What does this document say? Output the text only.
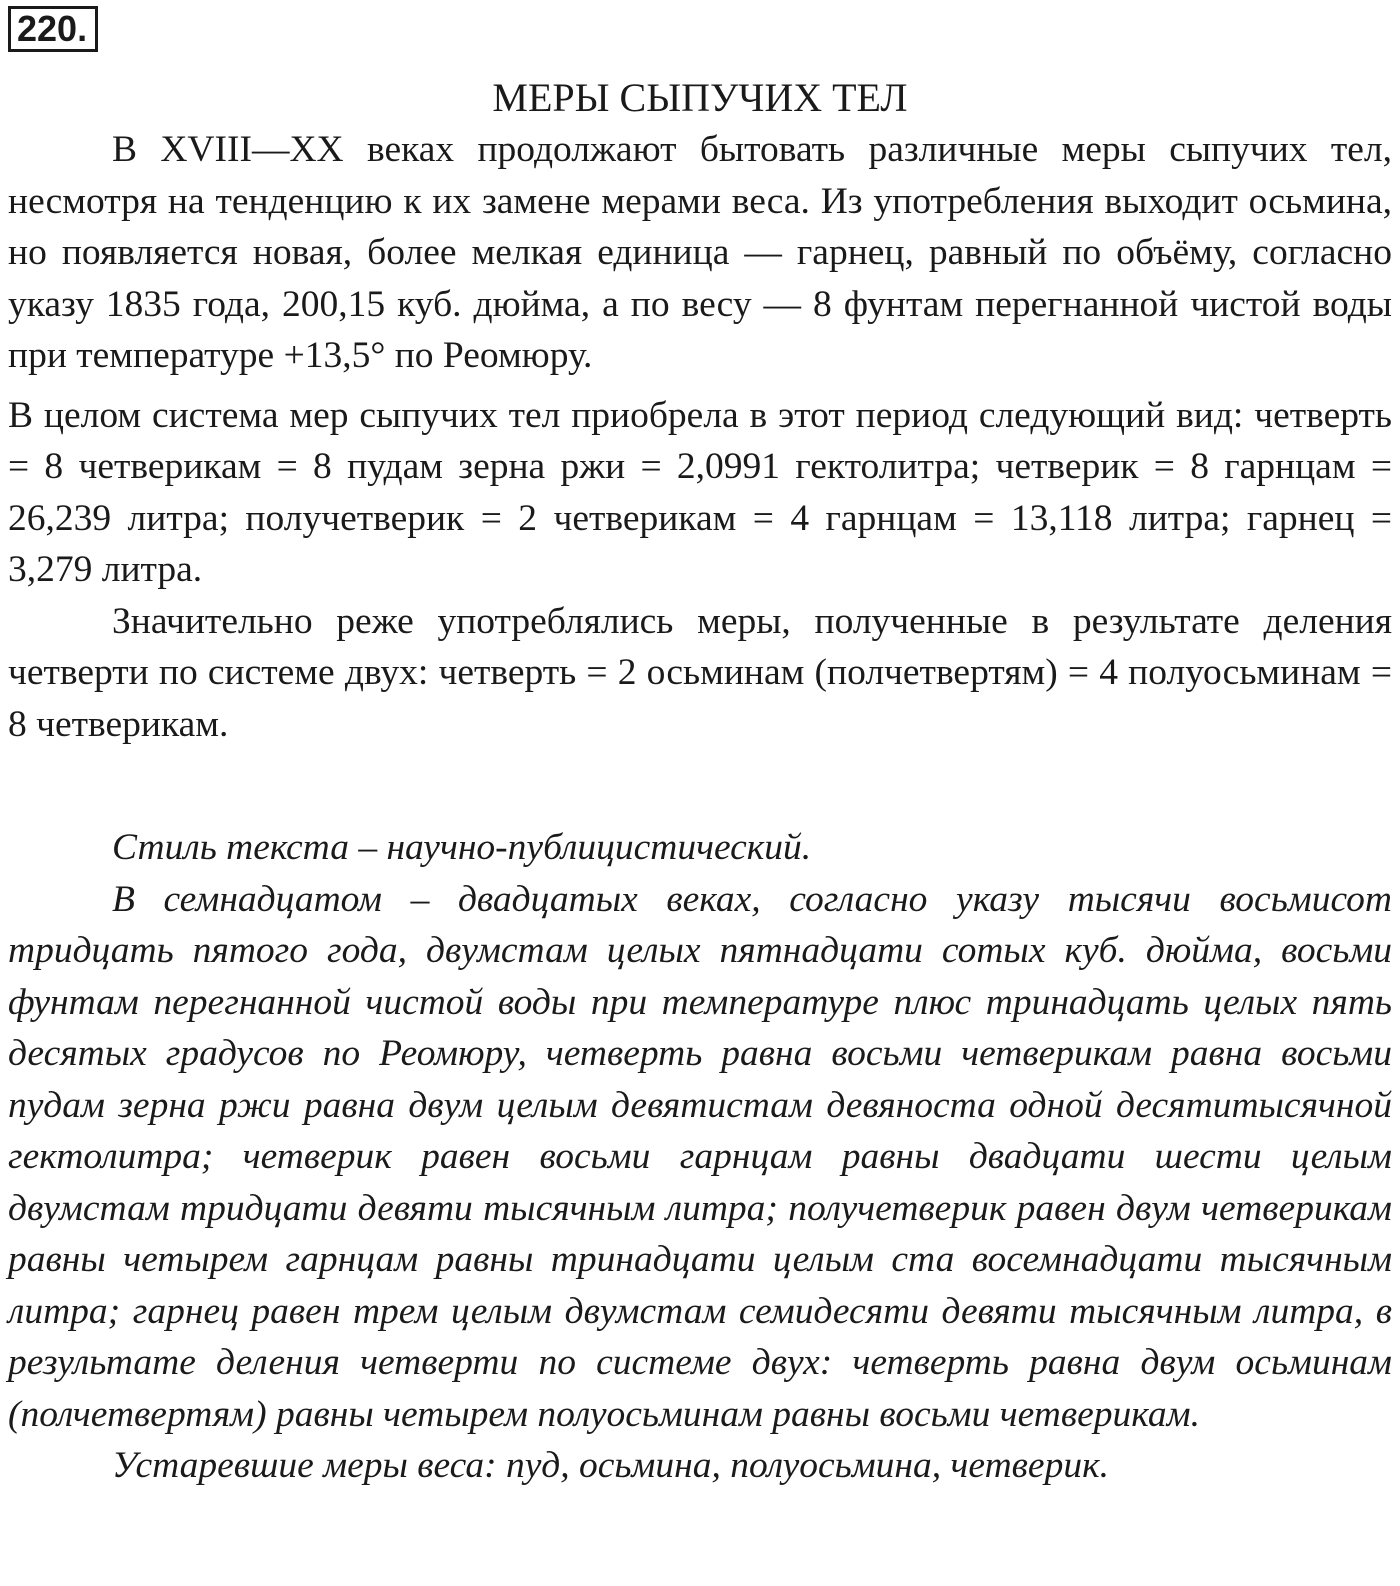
220.
МЕРЫ СЫПУЧИХ ТЕЛ

В XVIII—XX веках продолжают бытовать различные меры сыпучих тел, несмотря на тенденцию к их замене мерами веса. Из употребления выходит осьмина, но появляется новая, более мелкая единица — гарнец, равный по объёму, согласно указу 1835 года, 200,15 куб. дюйма, а по весу — 8 фунтам перегнанной чистой воды при температуре +13,5° по Реомюру.

В целом система мер сыпучих тел приобрела в этот период следующий вид: четверть = 8 четверикам = 8 пудам зерна ржи = 2,0991 гектолитра; четверик = 8 гарнцам = 26,239 литра; получетверик = 2 четверикам = 4 гарнцам = 13,118 литра; гарнец = 3,279 литра.

Значительно реже употреблялись меры, полученные в результате деления четверти по системе двух: четверть = 2 осьминам (полчетвертям) = 4 полуосьминам = 8 четверикам.

Стиль текста – научно-публицистический.

В семнадцатом – двадцатых веках, согласно указу тысячи восьмисот тридцать пятого года, двумстам целых пятнадцати сотых куб. дюйма, восьми фунтам перегнанной чистой воды при температуре плюс тринадцать целых пять десятых градусов по Реомюру, четверть равна восьми четверикам равна восьми пудам зерна ржи равна двум целым девятистам девяноста одной десятитысячной гектолитра; четверик равен восьми гарнцам равны двадцати шести целым двумстам тридцати девяти тысячным литра; получетверик равен двум четверикам равны четырем гарнцам равны тринадцати целым ста восемнадцати тысячным литра; гарнец равен трем целым двумстам семидесяти девяти тысячным литра, в результате деления четверти по системе двух: четверть равна двум осьминам (полчетвертям) равны четырем полуосьминам равны восьми четверикам.

Устаревшие меры веса: пуд, осьмина, полуосьмина, четверик.
